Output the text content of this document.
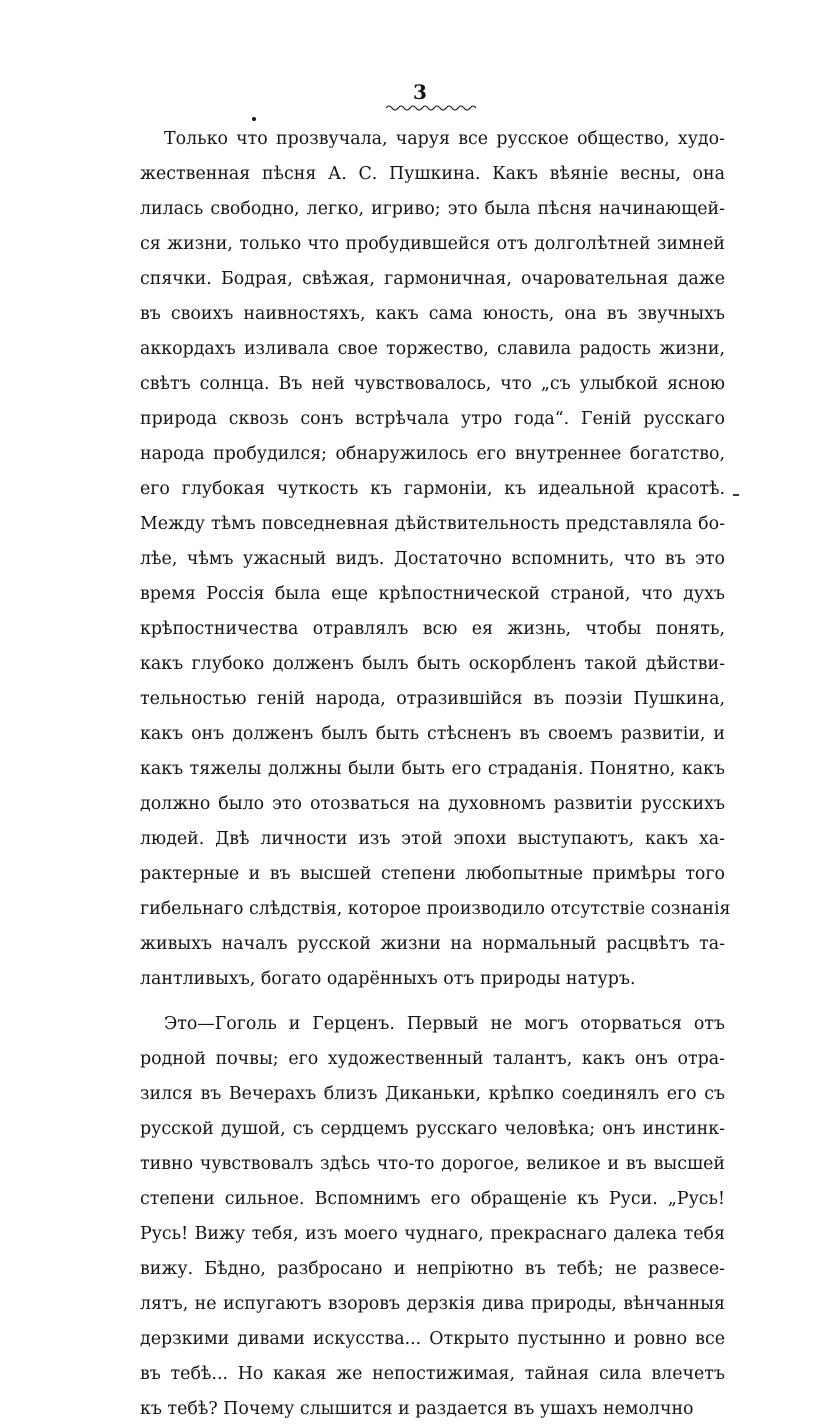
3
Только что прозвучала, чаруя все русское общество, худо-
жественная пѣсня А. С. Пушкина. Какъ вѣяніе весны, она
лилась свободно, легко, игриво; это была пѣсня начинающей-
ся жизни, только что пробудившейся отъ долголѣтней зимней
спячки. Бодрая, свѣжая, гармоничная, очаровательная даже
въ своихъ наивностяхъ, какъ сама юность, она въ звучныхъ
аккордахъ изливала свое торжество, славила радость жизни,
свѣтъ солнца. Въ ней чувствовалось, что „съ улыбкой ясною
природа сквозь сонъ встрѣчала утро года“. Геній русскаго
народа пробудился; обнаружилось его внутреннее богатство,
его глубокая чуткость къ гармоніи, къ идеальной красотѣ.
Между тѣмъ повседневная дѣйствительность представляла бо-
лѣе, чѣмъ ужасный видъ. Достаточно вспомнить, что въ это
время Россія была еще крѣпостнической страной, что духъ
крѣпостничества отравлялъ всю ея жизнь, чтобы понять,
какъ глубоко долженъ былъ быть оскорбленъ такой дѣйстви-
тельностью геній народа, отразившійся въ поэзіи Пушкина,
какъ онъ долженъ былъ быть стѣсненъ въ своемъ развитіи, и
какъ тяжелы должны были быть его страданія. Понятно, какъ
должно было это отозваться на духовномъ развитіи русскихъ
людей. Двѣ личности изъ этой эпохи выступаютъ, какъ ха-
рактерные и въ высшей степени любопытные примѣры того
гибельнаго слѣдствія, которое производило отсутствіе сознанія
живыхъ началъ русской жизни на нормальный расцвѣтъ та-
лантливыхъ, богато одарённыхъ отъ природы натуръ.
Это—Гоголь и Герценъ. Первый не могъ оторваться отъ
родной почвы; его художественный талантъ, какъ онъ отра-
зился въ Вечерахъ близъ Диканьки, крѣпко соединялъ его съ
русской душой, съ сердцемъ русскаго человѣка; онъ инстинк-
тивно чувствовалъ здѣсь что-то дорогое, великое и въ высшей
степени сильное. Вспомнимъ его обращеніе къ Руси. „Русь!
Русь! Вижу тебя, изъ моего чуднаго, прекраснаго далека тебя
вижу. Бѣдно, разбросано и непріютно въ тебѣ; не развесе-
лятъ, не испугаютъ взоровъ дерзкія дива природы, вѣнчанныя
дерзкими дивами искусства... Открыто пустынно и ровно все
въ тебѣ... Но какая же непостижимая, тайная сила влечетъ
къ тебѣ? Почему слышится и раздается въ ушахъ немолчно
